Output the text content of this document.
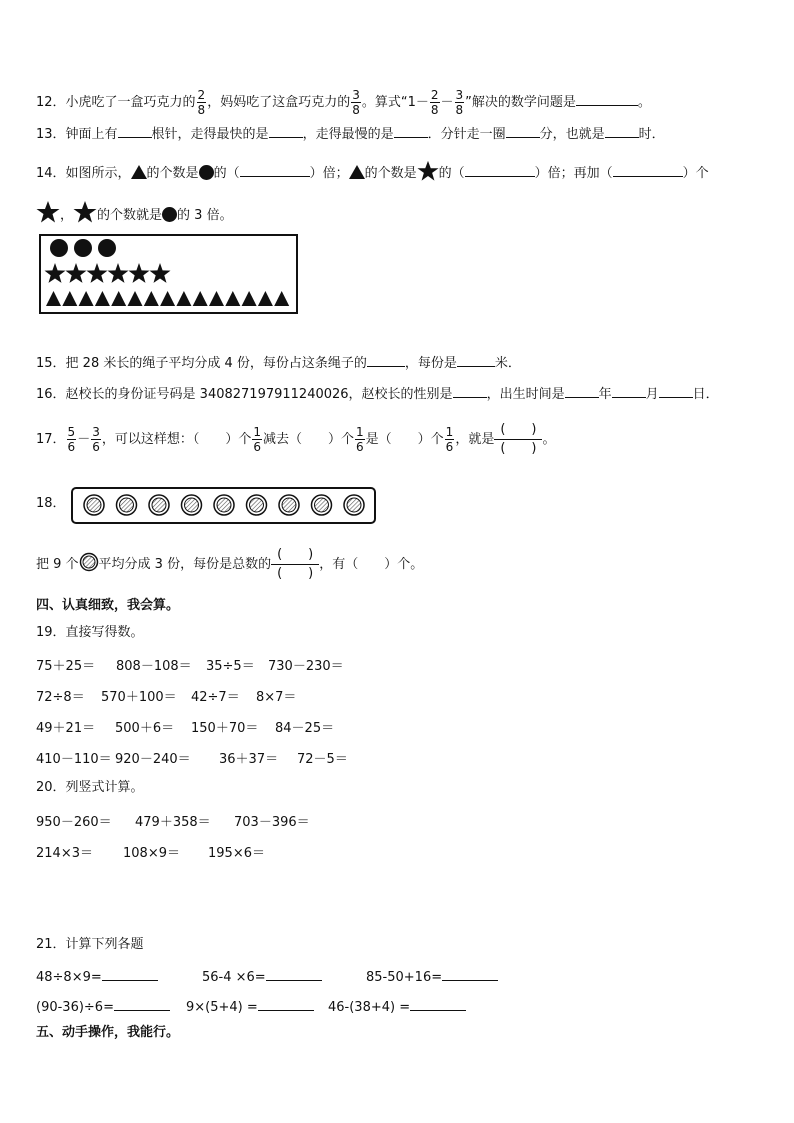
12．小虎吃了一盒巧克力的 $\frac{2}{8}$ ，妈妈吃了这盒巧克力的 $\frac{3}{8}$ 。算式“$1- \frac{2}{8} - \frac{3}{8}$ ”解决的数学问题是	。
13．钟面上有	根针，走得最快的是	，走得最慢的是	．分针走一圈	分，也就是	时．
14．如图所示， 的个数是 的（	）倍； 的个数是 的（	）倍；再加（	）个
， 的个数就是 的 3 倍。
15．把 28 米长的绳子平均分成 4 份，每份占这条绳子的	，每份是	米．
16．赵校长的身份证号码是 340827197911240026，赵校长的性别是	，出生时间是	年	月	日．
17． $\frac{5}{6} - \frac{3}{6}$ ，可以这样想：（　　）个 $\frac{1}{6}$ 减去（　　）个 $\frac{1}{6}$ 是（　　）个 $\frac{1}{6}$ ，就是
(　　)
(　　)
。
18．
把 9 个 平均分成 3 份，每份是总数的
(　　)
(　　)
，有（　　）个。
四、认真细致，我会算。
19．直接写得数。
75＋25＝ 808－108＝ 35÷5＝ 730－230＝
72÷8＝ 570＋100＝ 42÷7＝ 8×7＝
49＋21＝ 500＋6＝ 150＋70＝ 84－25＝
410－110＝ 920－240＝ 36＋37＝ 72－5＝
20．列竖式计算。
950－260＝ 479＋358＝ 703－396＝
214×3＝ 108×9＝ 195×6＝
21．计算下列各题
48÷8×9=	56-4 ×6=	85-50+16=
(90-36)÷6=	9×(5+4) =	46-(38+4) =
五、动手操作，我能行。
